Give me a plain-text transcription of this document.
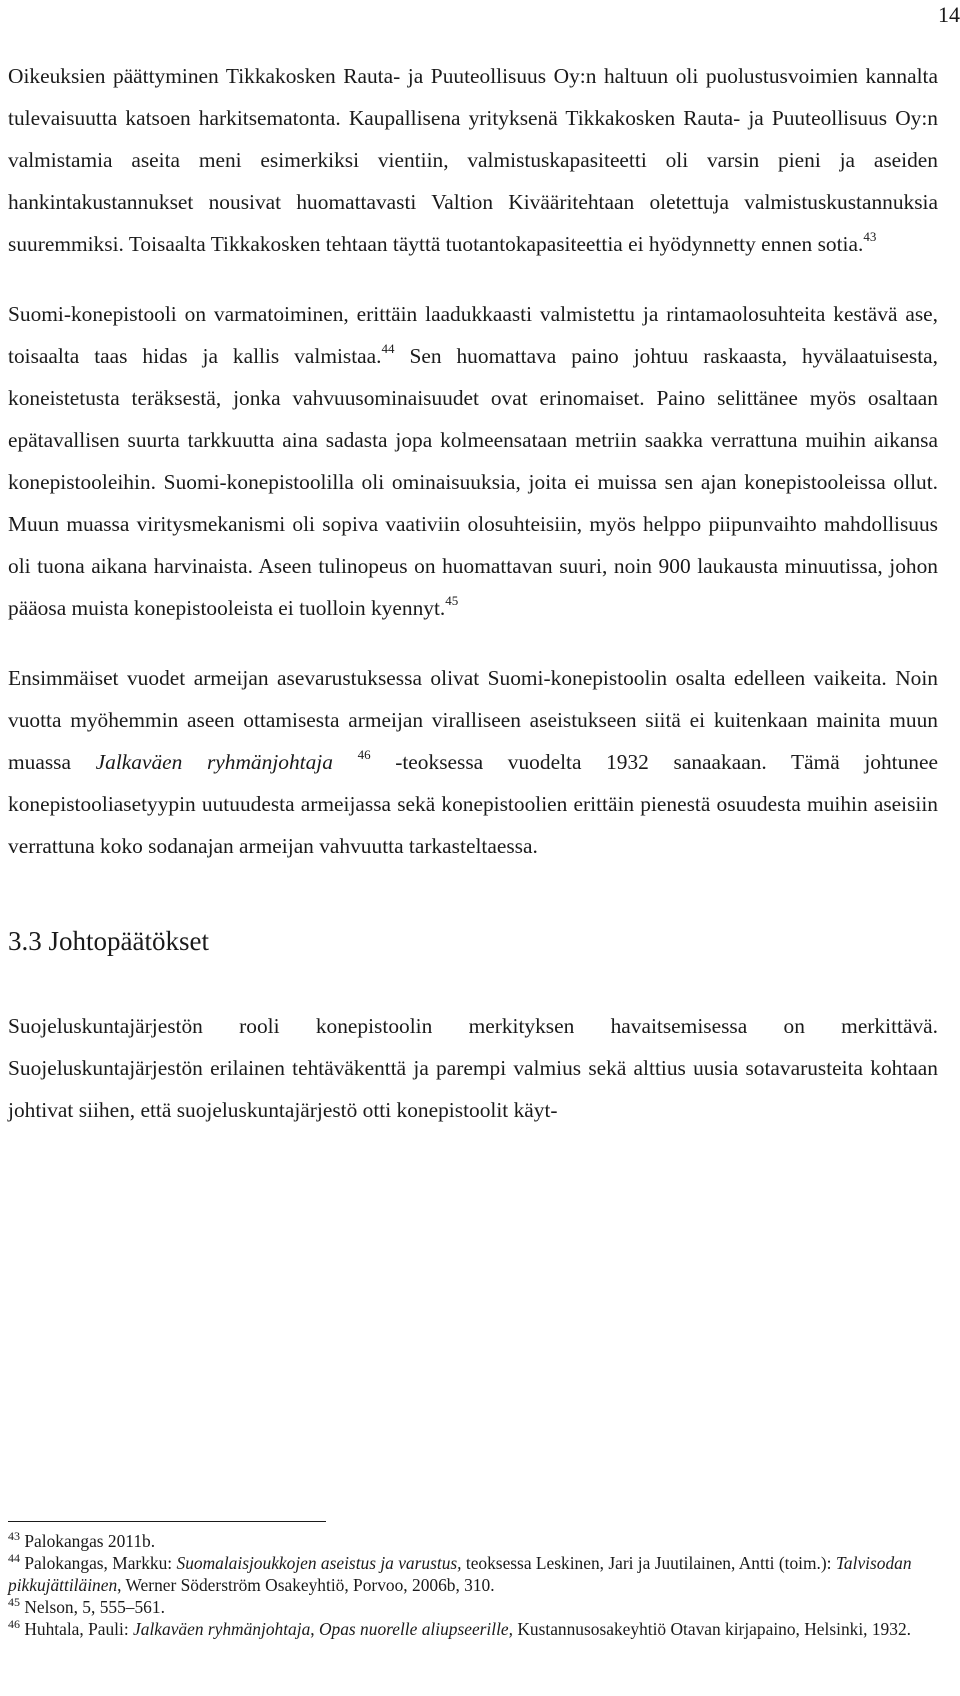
14

Oikeuksien päättyminen Tikkakosken Rauta- ja Puuteollisuus Oy:n haltuun oli puolustusvoimien kannalta tulevaisuutta katsoen harkitsematonta. Kaupallisena yrityksenä Tikkakosken Rauta- ja Puuteollisuus Oy:n valmistamia aseita meni esimerkiksi vientiin, valmistuskapasiteetti oli varsin pieni ja aseiden hankintakustannukset nousivat huomattavasti Valtion Kivääritehtaan oletettuja valmistuskustannuksia suuremmiksi. Toisaalta Tikkakosken tehtaan täyttä tuotantokapasiteettia ei hyödynnetty ennen sotia.$^{43}$

Suomi-konepistooli on varmatoiminen, erittäin laadukkaasti valmistettu ja rintamaolosuhteita kestävä ase, toisaalta taas hidas ja kallis valmistaa.$^{44}$ Sen huomattava paino johtuu raskaasta, hyvälaatuisesta, koneistetusta teräksestä, jonka vahvuusominaisuudet ovat erinomaiset. Paino selittänee myös osaltaan epätavallisen suurta tarkkuutta aina sadasta jopa kolmeensataan metriin saakka verrattuna muihin aikansa konepistooleihin. Suomi-konepistoolilla oli ominaisuuksia, joita ei muissa sen ajan konepistooleissa ollut. Muun muassa viritysmekanismi oli sopiva vaativiin olosuhteisiin, myös helppo piipunvaihto mahdollisuus oli tuona aikana harvinaista. Aseen tulinopeus on huomattavan suuri, noin 900 laukausta minuutissa, johon pääosa muista konepistooleista ei tuolloin kyennyt.$^{45}$

Ensimmäiset vuodet armeijan asevarustuksessa olivat Suomi-konepistoolin osalta edelleen vaikeita. Noin vuotta myöhemmin aseen ottamisesta armeijan viralliseen aseistukseen siitä ei kuitenkaan mainita muun muassa Jalkaväen ryhmänjohtaja $^{46}$ -teoksessa vuodelta 1932 sanaakaan. Tämä johtunee konepistooliasetyypin uutuudesta armeijassa sekä konepistoolien erittäin pienestä osuudesta muihin aseisiin verrattuna koko sodanajan armeijan vahvuutta tarkasteltaessa.

3.3 Johtopäätökset

Suojeluskuntajärjestön rooli konepistoolin merkityksen havaitsemisessa on merkittävä. Suojeluskuntajärjestön erilainen tehtäväkenttä ja parempi valmius sekä alttius uusia sotavarusteita kohtaan johtivat siihen, että suojeluskuntajärjestö otti konepistoolit käyt-

$^{43}$ Palokangas 2011b.

$^{44}$ Palokangas, Markku: Suomalaisjoukkojen aseistus ja varustus, teoksessa Leskinen, Jari ja Juutilainen, Antti (toim.): Talvisodan pikkujättiläinen, Werner Söderström Osakeyhtiö, Porvoo, 2006b, 310.

$^{45}$ Nelson, 5, 555–561.

$^{46}$ Huhtala, Pauli: Jalkaväen ryhmänjohtaja, Opas nuorelle aliupseerille, Kustannusosakeyhtiö Otavan kirjapaino, Helsinki, 1932.
